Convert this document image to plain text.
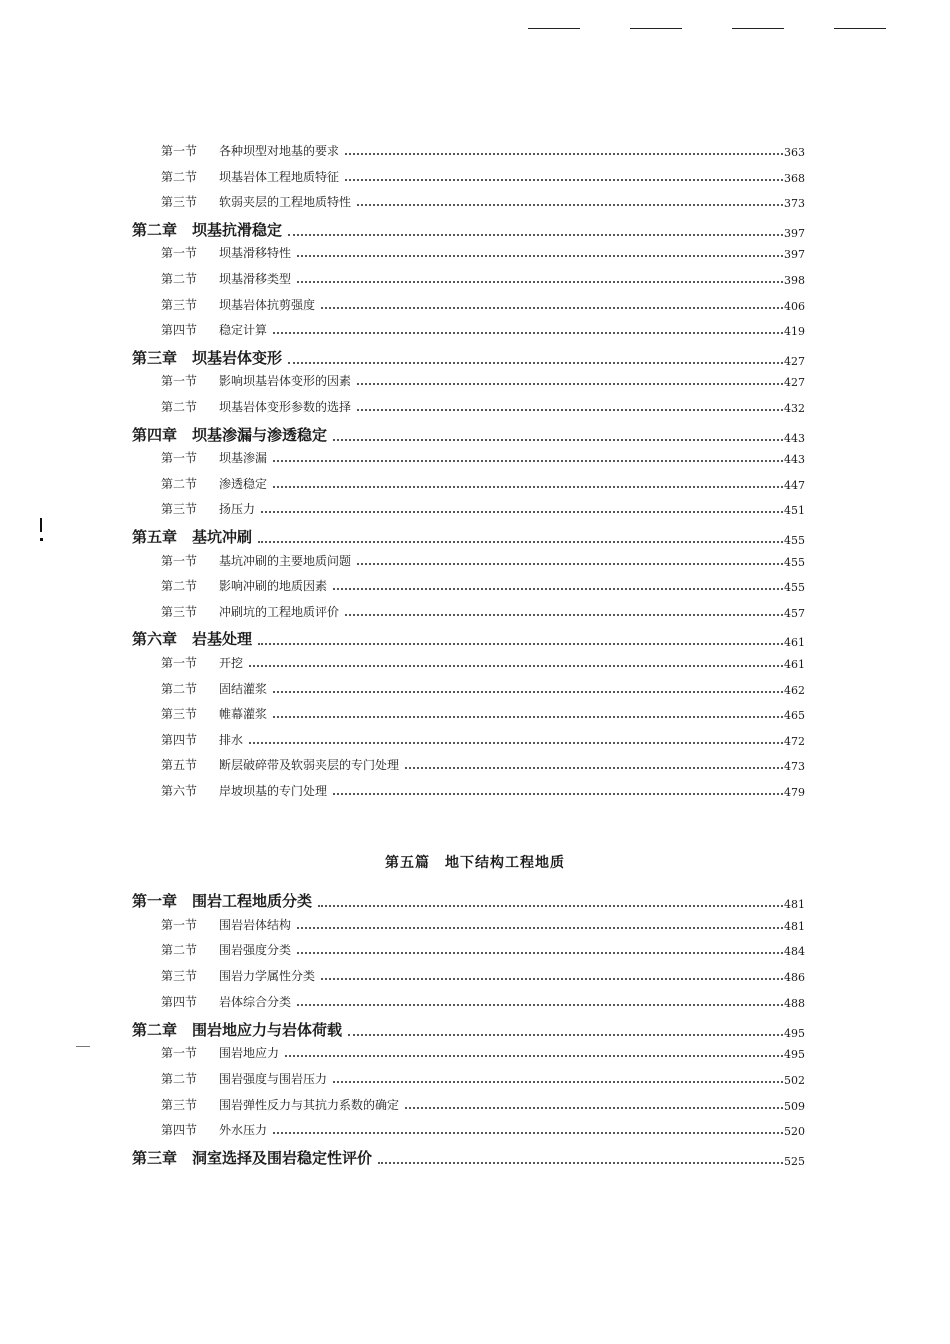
第一节 各种坝型对地基的要求	363
第二节 坝基岩体工程地质特征	368
第三节 软弱夹层的工程地质特性	373
第二章　坝基抗滑稳定	397
第一节 坝基滑移特性	397
第二节 坝基滑移类型	398
第三节 坝基岩体抗剪强度	406
第四节 稳定计算	419
第三章　坝基岩体变形	427
第一节 影响坝基岩体变形的因素	427
第二节 坝基岩体变形参数的选择	432
第四章　坝基渗漏与渗透稳定	443
第一节 坝基渗漏	443
第二节 渗透稳定	447
第三节 扬压力	451
第五章　基坑冲刷	455
第一节 基坑冲刷的主要地质问题	455
第二节 影响冲刷的地质因素	455
第三节 冲刷坑的工程地质评价	457
第六章　岩基处理	461
第一节 开挖	461
第二节 固结灌浆	462
第三节 帷幕灌浆	465
第四节 排水	472
第五节 断层破碎带及软弱夹层的专门处理	473
第六节 岸坡坝基的专门处理	479
第五篇　地下结构工程地质
第一章　围岩工程地质分类	481
第一节 围岩岩体结构	481
第二节 围岩强度分类	484
第三节 围岩力学属性分类	486
第四节 岩体综合分类	488
第二章　围岩地应力与岩体荷载	495
第一节 围岩地应力	495
第二节 围岩强度与围岩压力	502
第三节 围岩弹性反力与其抗力系数的确定	509
第四节 外水压力	520
第三章　洞室选择及围岩稳定性评价	525
